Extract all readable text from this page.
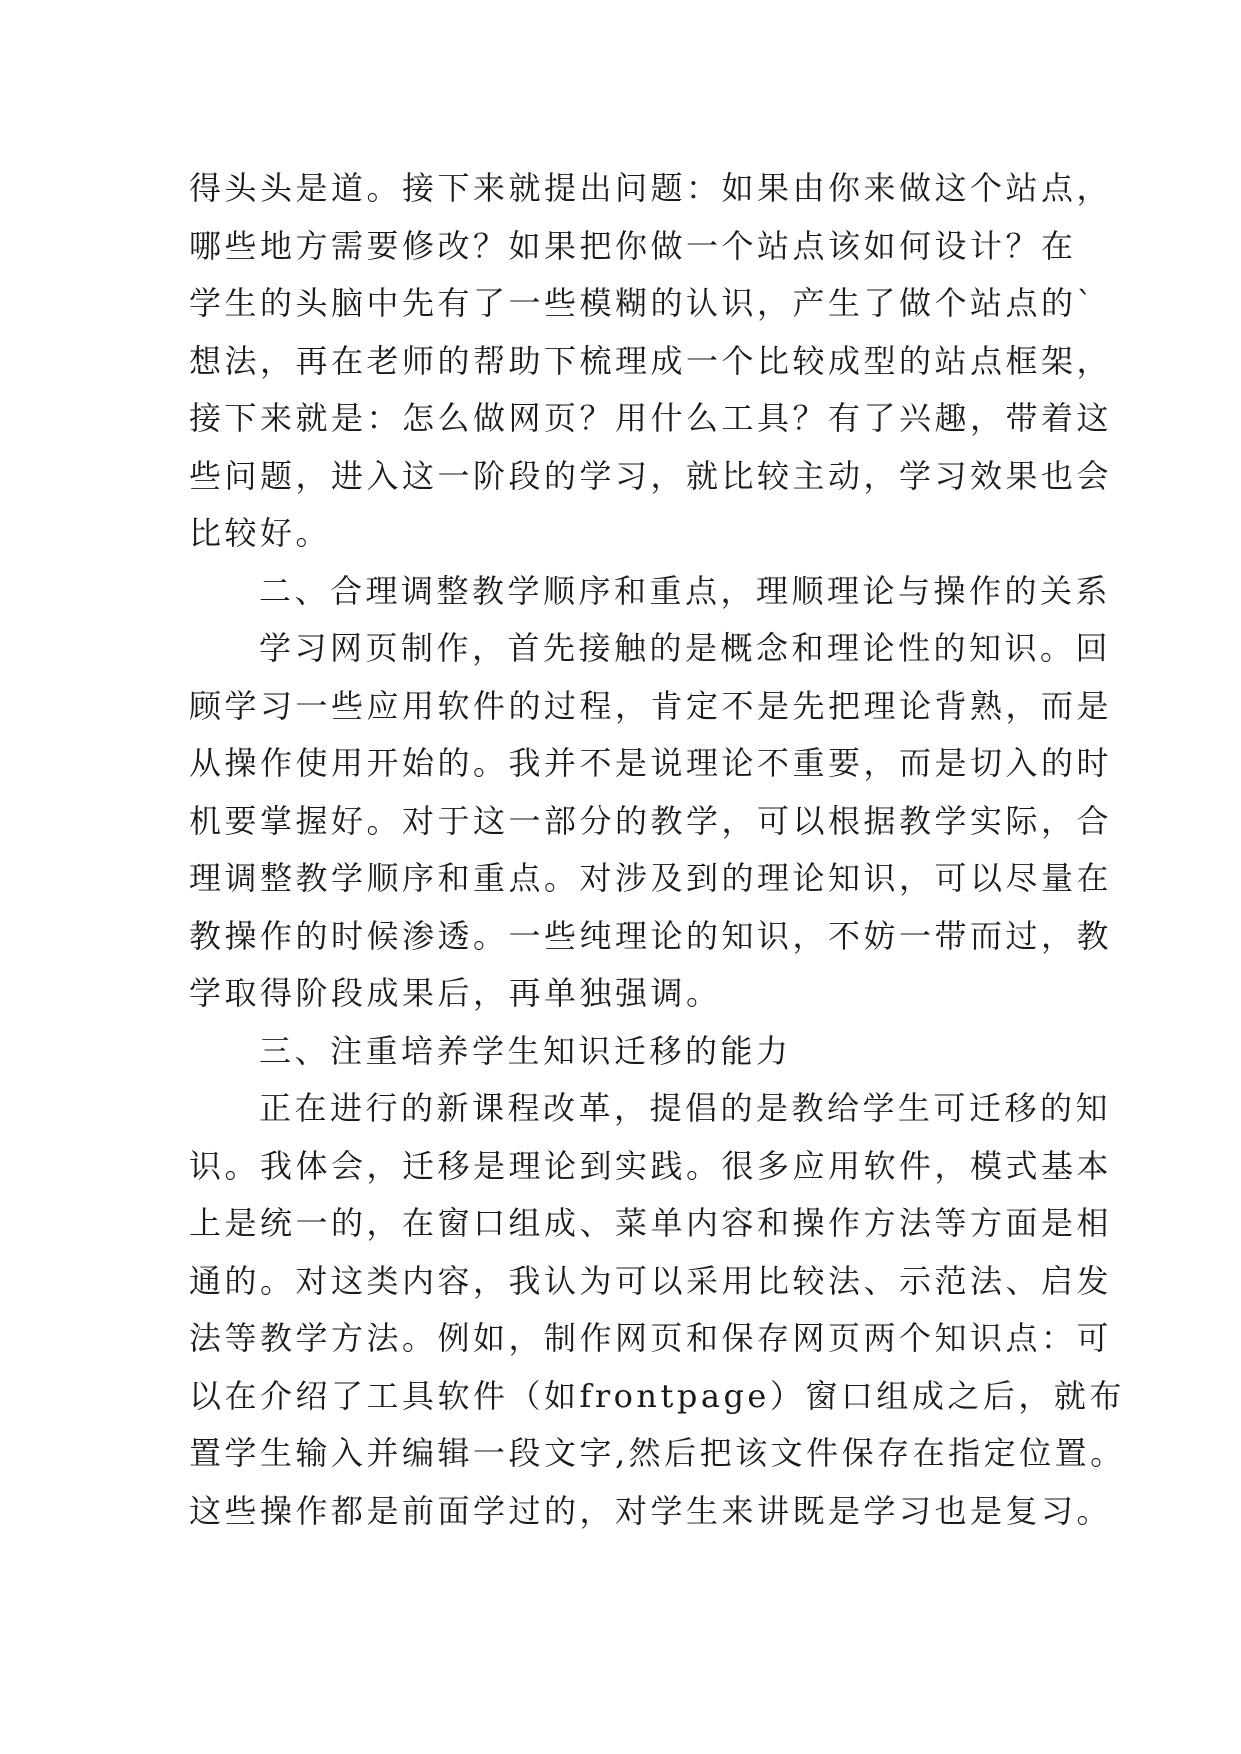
得头头是道。接下来就提出问题：如果由你来做这个站点，
哪些地方需要修改？如果把你做一个站点该如何设计？在
学生的头脑中先有了一些模糊的认识，产生了做个站点的`
想法，再在老师的帮助下梳理成一个比较成型的站点框架，
接下来就是：怎么做网页？用什么工具？有了兴趣，带着这
些问题，进入这一阶段的学习，就比较主动，学习效果也会
比较好。
二、合理调整教学顺序和重点，理顺理论与操作的关系
学习网页制作，首先接触的是概念和理论性的知识。回
顾学习一些应用软件的过程，肯定不是先把理论背熟，而是
从操作使用开始的。我并不是说理论不重要，而是切入的时
机要掌握好。对于这一部分的教学，可以根据教学实际，合
理调整教学顺序和重点。对涉及到的理论知识，可以尽量在
教操作的时候渗透。一些纯理论的知识，不妨一带而过，教
学取得阶段成果后，再单独强调。
三、注重培养学生知识迁移的能力
正在进行的新课程改革，提倡的是教给学生可迁移的知
识。我体会，迁移是理论到实践。很多应用软件，模式基本
上是统一的，在窗口组成、菜单内容和操作方法等方面是相
通的。对这类内容，我认为可以采用比较法、示范法、启发
法等教学方法。例如，制作网页和保存网页两个知识点：可
以在介绍了工具软件（如frontpage）窗口组成之后，就布
置学生输入并编辑一段文字,然后把该文件保存在指定位置。
这些操作都是前面学过的，对学生来讲既是学习也是复习。
